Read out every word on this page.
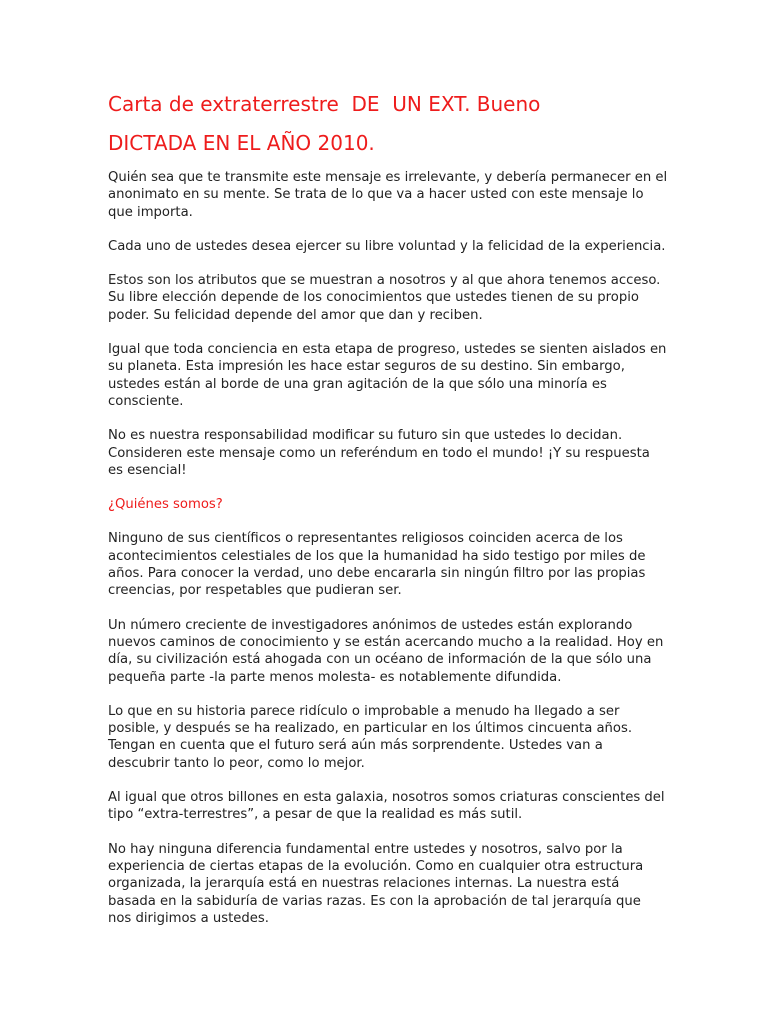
Carta de extraterrestre  DE  UN EXT. Bueno
DICTADA EN EL AÑO 2010.

Quién sea que te transmite este mensaje es irrelevante, y debería permanecer en el anonimato en su mente. Se trata de lo que va a hacer usted con este mensaje lo que importa.

Cada uno de ustedes desea ejercer su libre voluntad y la felicidad de la experiencia.

Estos son los atributos que se muestran a nosotros y al que ahora tenemos acceso. Su libre elección depende de los conocimientos que ustedes tienen de su propio poder. Su felicidad depende del amor que dan y reciben.

Igual que toda conciencia en esta etapa de progreso, ustedes se sienten aislados en su planeta. Esta impresión les hace estar seguros de su destino. Sin embargo, ustedes están al borde de una gran agitación de la que sólo una minoría es consciente.

No es nuestra responsabilidad modificar su futuro sin que ustedes lo decidan. Consideren este mensaje como un referéndum en todo el mundo! ¡Y su respuesta es esencial!

¿Quiénes somos?

Ninguno de sus científicos o representantes religiosos coinciden acerca de los acontecimientos celestiales de los que la humanidad ha sido testigo por miles de años. Para conocer la verdad, uno debe encararla sin ningún filtro por las propias creencias, por respetables que pudieran ser.

Un número creciente de investigadores anónimos de ustedes están explorando nuevos caminos de conocimiento y se están acercando mucho a la realidad. Hoy en día, su civilización está ahogada con un océano de información de la que sólo una pequeña parte -la parte menos molesta- es notablemente difundida.

Lo que en su historia parece ridículo o improbable a menudo ha llegado a ser posible, y después se ha realizado, en particular en los últimos cincuenta años. Tengan en cuenta que el futuro será aún más sorprendente. Ustedes van a descubrir tanto lo peor, como lo mejor.

Al igual que otros billones en esta galaxia, nosotros somos criaturas conscientes del tipo “extra-terrestres”, a pesar de que la realidad es más sutil.

No hay ninguna diferencia fundamental entre ustedes y nosotros, salvo por la experiencia de ciertas etapas de la evolución. Como en cualquier otra estructura organizada, la jerarquía está en nuestras relaciones internas. La nuestra está basada en la sabiduría de varias razas. Es con la aprobación de tal jerarquía que nos dirigimos a ustedes.
